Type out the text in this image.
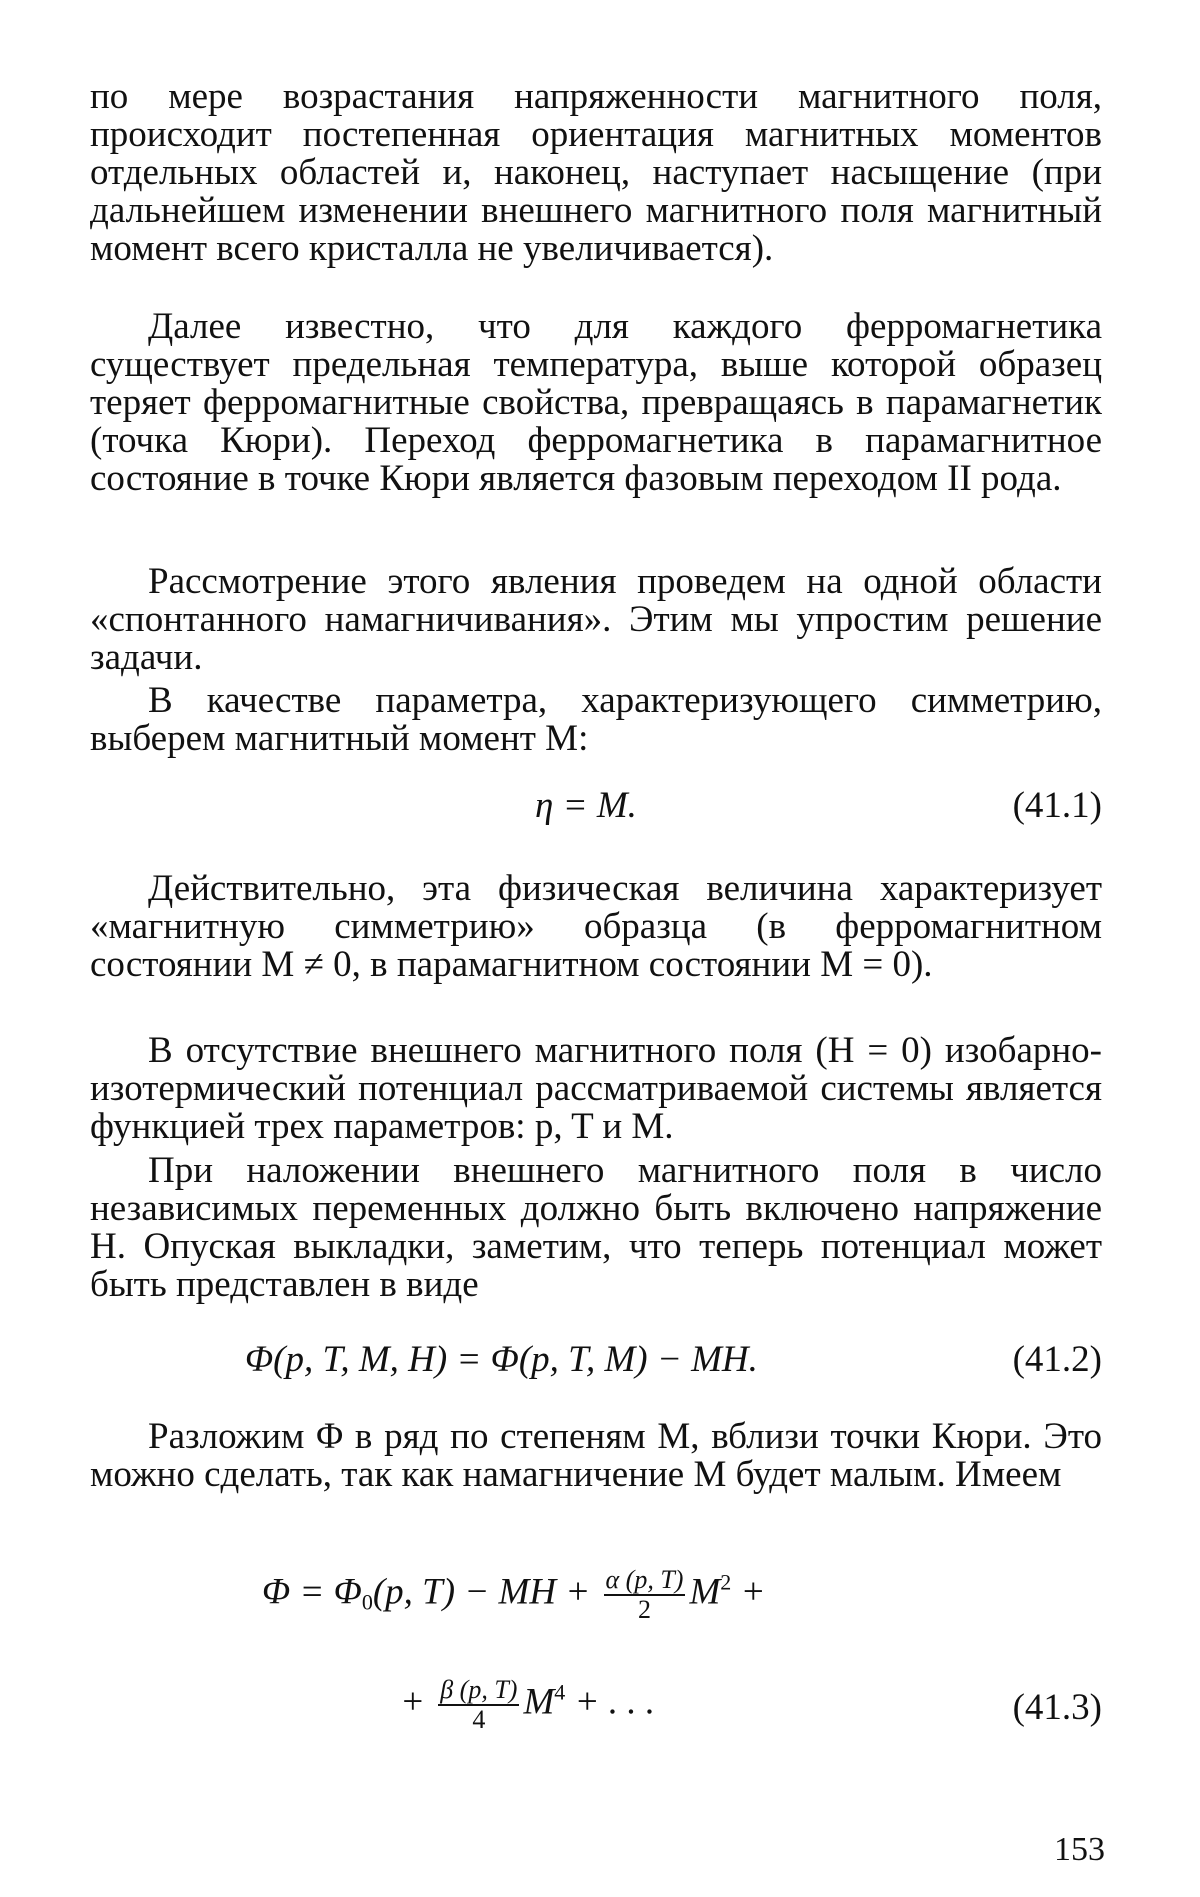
по мере возрастания напряженности магнитного поля, происходит постепенная ориентация магнитных моментов отдельных областей и, наконец, наступает насыщение (при дальнейшем изменении внешнего магнитного поля магнитный момент всего кристалла не увеличивается).

Далее известно, что для каждого ферромагнетика существует предельная температура, выше которой образец теряет ферромагнитные свойства, превращаясь в парамагнетик (точка Кюри). Переход ферромагнетика в парамагнитное состояние в точке Кюри является фазовым переходом II рода.

Рассмотрение этого явления проведем на одной области «спонтанного намагничивания». Этим мы упростим решение задачи.

В качестве параметра, характеризующего симметрию, выберем магнитный момент M:

η = M.	(41.1)

Действительно, эта физическая величина характеризует «магнитную симметрию» образца (в ферромагнитном состоянии M ≠ 0, в парамагнитном состоянии M = 0).

В отсутствие внешнего магнитного поля (H = 0) изобарно-изотермический потенциал рассматриваемой системы является функцией трех параметров: p, T и M.

При наложении внешнего магнитного поля в число независимых переменных должно быть включено напряжение H. Опуская выкладки, заметим, что теперь потенциал может быть представлен в виде

Φ(p, T, M, H) = Φ(p, T, M) − MH.	(41.2)

Разложим Φ в ряд по степеням M, вблизи точки Кюри. Это можно сделать, так как намагничение M будет малым. Имеем

$\Phi = \Phi_0(p$, T) − MH + $\frac{\alpha (p, T)}{2} M^2$ +
+ $\frac{\beta (p, T)}{4} M^4$ + . . .	(41.3)
153
